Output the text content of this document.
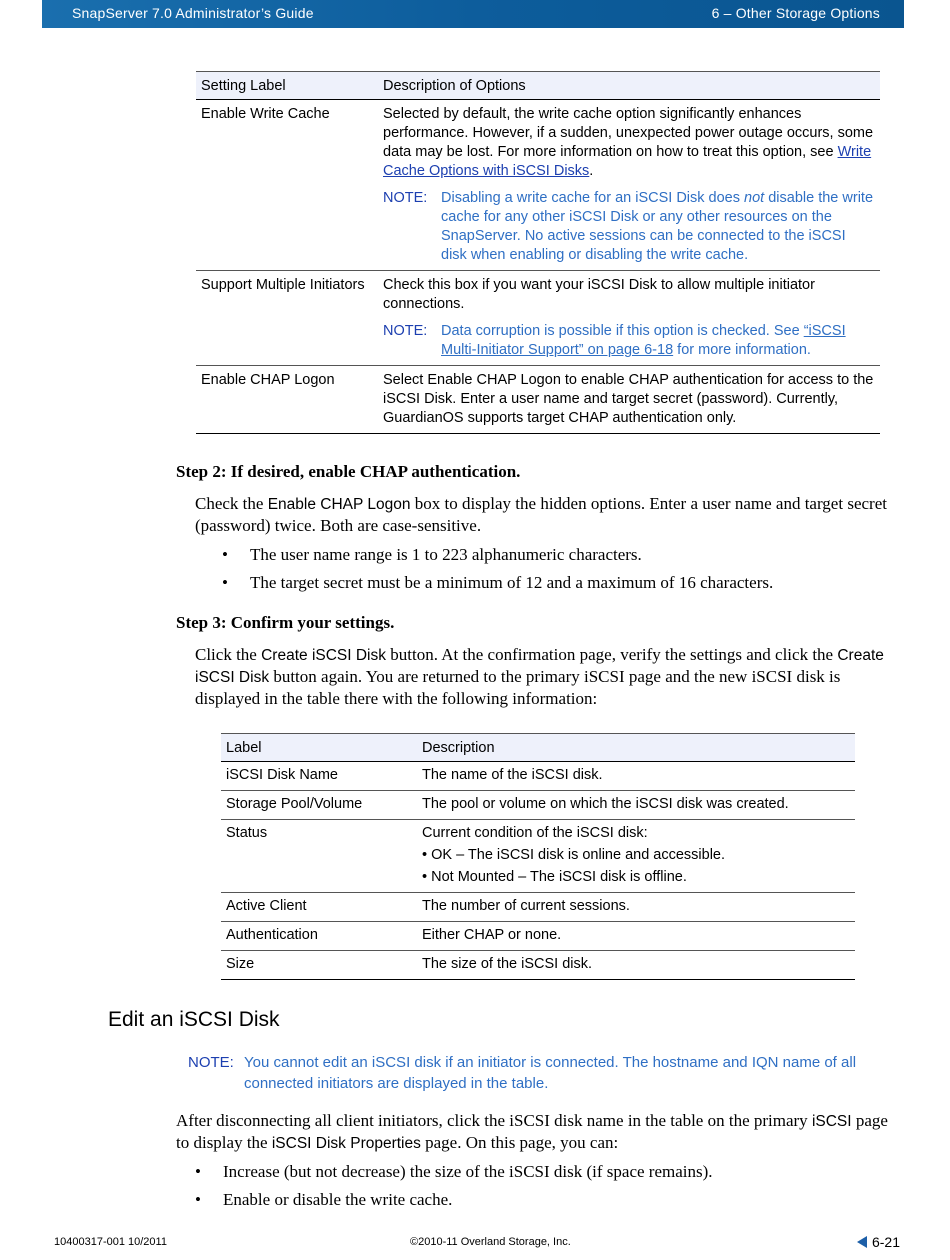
SnapServer 7.0 Administrator’s Guide	6 – Other Storage Options
Setting Label	Description of Options
Enable Write Cache	Selected by default, the write cache option significantly enhances performance. However, if a sudden, unexpected power outage occurs, some data may be lost. For more information on how to treat this option, see Write Cache Options with iSCSI Disks.
NOTE: Disabling a write cache for an iSCSI Disk does not disable the write cache for any other iSCSI Disk or any other resources on the SnapServer. No active sessions can be connected to the iSCSI disk when enabling or disabling the write cache.

Support Multiple Initiators	Check this box if you want your iSCSI Disk to allow multiple initiator connections.
NOTE: Data corruption is possible if this option is checked. See “iSCSI Multi-Initiator Support” on page 6-18 for more information.

Enable CHAP Logon	Select Enable CHAP Logon to enable CHAP authentication for access to the iSCSI Disk. Enter a user name and target secret (password). Currently, GuardianOS supports target CHAP authentication only.
Step 2: If desired, enable CHAP authentication.
Check the Enable CHAP Logon box to display the hidden options. Enter a user name and target secret (password) twice. Both are case-sensitive.
• The user name range is 1 to 223 alphanumeric characters.
• The target secret must be a minimum of 12 and a maximum of 16 characters.
Step 3: Confirm your settings.
Click the Create iSCSI Disk button. At the confirmation page, verify the settings and click the Create iSCSI Disk button again. You are returned to the primary iSCSI page and the new iSCSI disk is displayed in the table there with the following information:
Label	Description
iSCSI Disk Name	The name of the iSCSI disk.
Storage Pool/Volume	The pool or volume on which the iSCSI disk was created.
Status	Current condition of the iSCSI disk:
• OK – The iSCSI disk is online and accessible.
• Not Mounted – The iSCSI disk is offline.

Active Client	The number of current sessions.
Authentication	Either CHAP or none.
Size	The size of the iSCSI disk.
Edit an iSCSI Disk
NOTE: You cannot edit an iSCSI disk if an initiator is connected. The hostname and IQN name of all connected initiators are displayed in the table.
After disconnecting all client initiators, click the iSCSI disk name in the table on the primary iSCSI page to display the iSCSI Disk Properties page. On this page, you can:
• Increase (but not decrease) the size of the iSCSI disk (if space remains).
• Enable or disable the write cache.
10400317-001 10/2011	©2010-11 Overland Storage, Inc.	6-21
